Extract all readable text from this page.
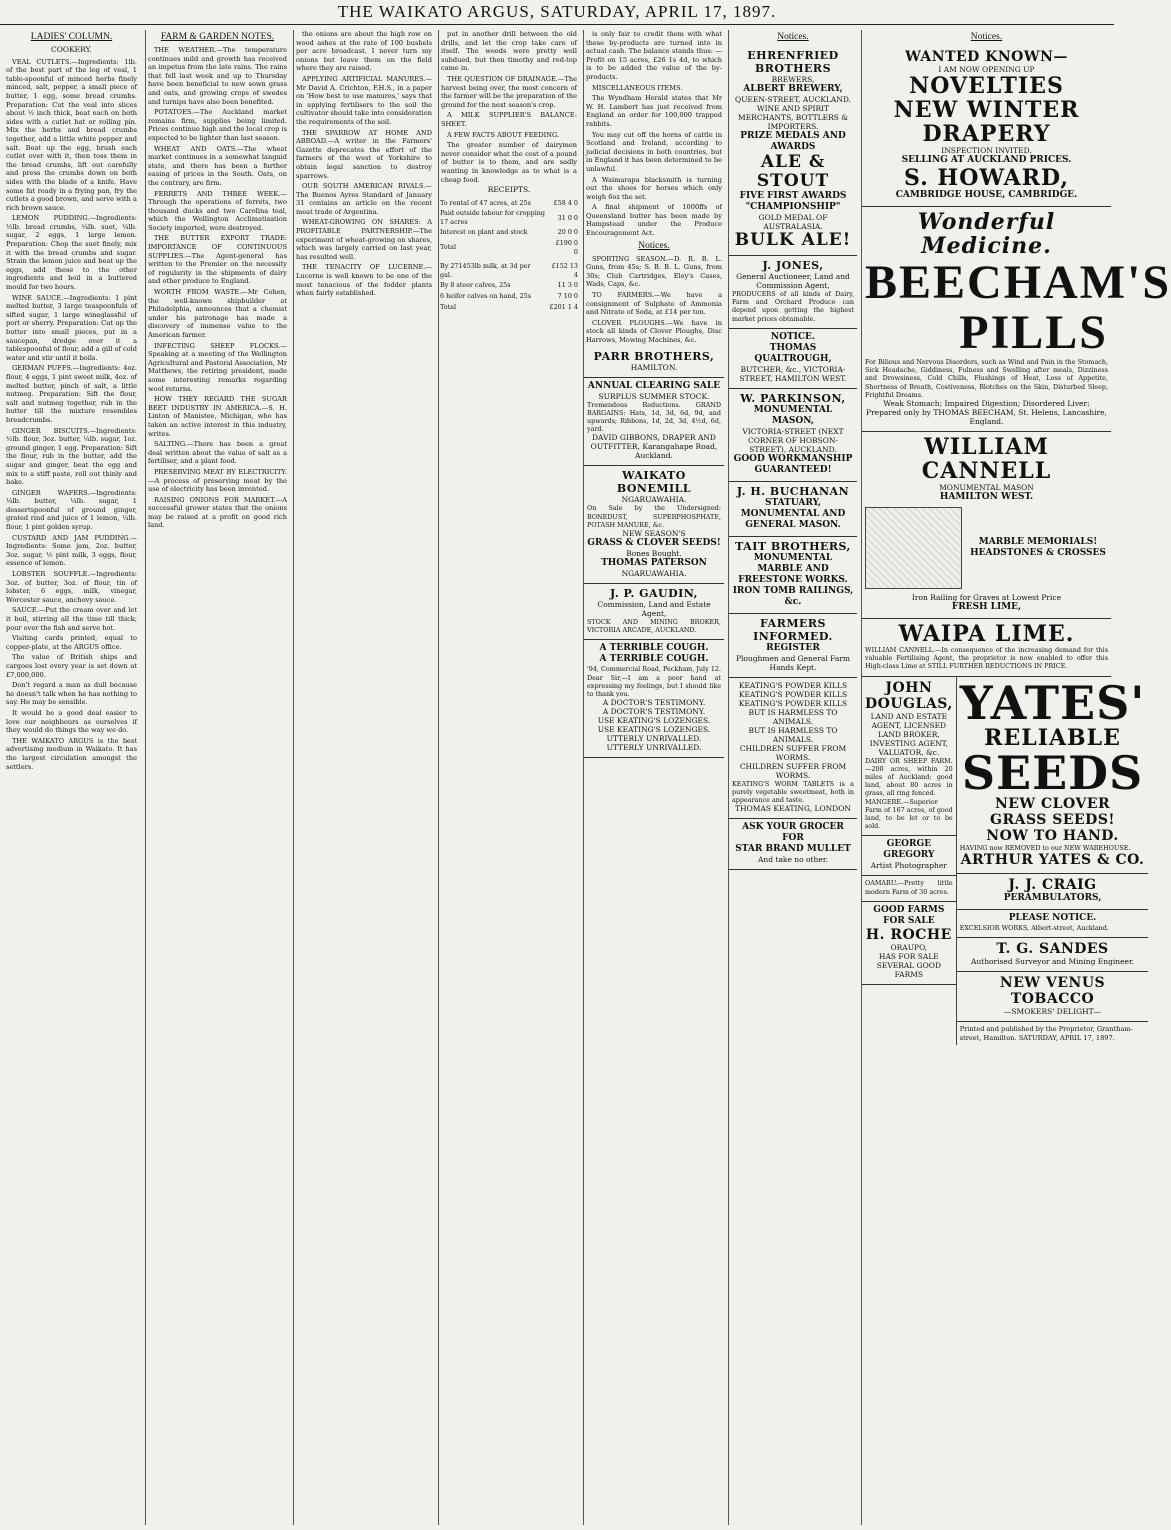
THE WAIKATO ARGUS, SATURDAY, APRIL 17, 1897.
LADIES' COLUMN.
COOKERY.

VEAL CUTLETS.—Ingredients: 1lb. of the best part of the leg of veal, 1 table-spoonful of minced herbs finely minced, salt, pepper, a small piece of butter, 1 egg, some bread crumbs. Preparation: Cut the veal into slices about ½ inch thick, beat each on both sides with a cutlet bat or rolling pin. Mix the herbs and bread crumbs together, add a little white pepper and salt. Beat up the egg, brush each cutlet over with it, then toss them in the bread crumbs, lift out carefully and press the crumbs down on both sides with the blade of a knife. Have some fat ready in a frying pan, fry the cutlets a good brown, and serve with a rich brown sauce.

LEMON PUDDING.—Ingredients: ½lb. bread crumbs, ¼lb. suet, ¼lb. sugar, 2 eggs, 1 large lemon. Preparation: Chop the suet finely, mix it with the bread crumbs and sugar. Strain the lemon juice and beat up the eggs, add these to the other ingredients and boil in a buttered mould for two hours.

WINE SAUCE.—Ingredients: 1 pint melted butter, 3 large teaspoonfuls of sifted sugar, 1 large wineglassful of port or sherry. Preparation: Cut up the butter into small pieces, put in a saucepan, dredge over it a tablespoonful of flour, add a gill of cold water and stir until it boils.

GERMAN PUFFS.—Ingredients: 4oz. flour, 4 eggs, 1 pint sweet milk, 4oz. of melted butter, pinch of salt, a little nutmeg. Preparation: Sift the flour, salt and nutmeg together, rub in the butter till the mixture resembles breadcrumbs.

GINGER BISCUITS.—Ingredients: ½lb. flour, 3oz. butter, ¼lb. sugar, 1oz. ground ginger, 1 egg. Preparation: Sift the flour, rub in the butter, add the sugar and ginger, beat the egg and mix to a stiff paste, roll out thinly and bake.

GINGER WAFERS.—Ingredients: ¼lb. butter, ¼lb. sugar, 1 dessertspoonful of ground ginger, grated rind and juice of 1 lemon, ¼lb. flour, 1 pint golden syrup.

CUSTARD AND JAM PUDDING.—Ingredients: Some jam, 2oz. butter, 3oz. sugar, ½ pint milk, 3 eggs, flour, essence of lemon.

LOBSTER SOUFFLE.—Ingredients: 3oz. of butter, 3oz. of flour, tin of lobster, 6 eggs, milk, vinegar, Worcester sauce, anchovy sauce.

SAUCE.—Put the cream over and let it boil, stirring all the time till thick; pour over the fish and serve hot.

Visiting cards printed, equal to copper-plate, at the ARGUS office.

The value of British ships and cargoes lost every year is set down at £7,000,000.

Don't regard a man as dull because he doesn't talk when he has nothing to say. He may be sensible.

It would be a good deal easier to love our neighbours as ourselves if they would do things the way we do.

THE WAIKATO ARGUS is the best advertising medium in Waikato. It has the largest circulation amongst the settlers.

FARM & GARDEN NOTES.

THE WEATHER.—The temperature continues mild and growth has received an impetus from the late rains. The rains that fell last week and up to Thursday have been beneficial to new sown grass and oats, and growing crops of swedes and turnips have also been benefited.

POTATOES.—The Auckland market remains firm, supplies being limited. Prices continue high and the local crop is expected to be lighter than last season.

WHEAT AND OATS.—The wheat market continues in a somewhat languid state, and there has been a further easing of prices in the South. Oats, on the contrary, are firm.

FERRETS AND THREE WEEK.—Through the operations of ferrets, two thousand ducks and two Carolina teal, which the Wellington Acclimatisation Society imported, were destroyed.

THE BUTTER EXPORT TRADE: IMPORTANCE OF CONTINUOUS SUPPLIES.—The Agent-general has written to the Premier on the necessity of regularity in the shipments of dairy and other produce to England.

WORTH FROM WASTE.—Mr Cohen, the well-known shipbuilder at Philadelphia, announces that a chemist under his patronage has made a discovery of immense value to the American farmer.

INFECTING SHEEP FLOCKS.—Speaking at a meeting of the Wellington Agricultural and Pastoral Association, Mr Matthews, the retiring president, made some interesting remarks regarding wool returns.

HOW THEY REGARD THE SUGAR BEET INDUSTRY IN AMERICA.—S. H. Linton of Manistee, Michigan, who has taken an active interest in this industry, writes.

SALTING.—There has been a great deal written about the value of salt as a fertiliser, and a plant food.

PRESERVING MEAT BY ELECTRICITY.—A process of preserving meat by the use of electricity has been invented.

RAISING ONIONS FOR MARKET.—A successful grower states that the onions may be raised at a profit on good rich land.

the onions are about the high row on wood ashes at the rate of 100 bushels per acre broadcast. I never turn my onions but leave them on the field where they are raised.

APPLYING ARTIFICIAL MANURES.—Mr David A. Crichton, F.H.S., in a paper on 'How best to use manures,' says that in applying fertilisers to the soil the cultivator should take into consideration the requirements of the soil.

THE SPARROW AT HOME AND ABROAD.—A writer in the Farmers' Gazette deprecates the effort of the farmers of the west of Yorkshire to obtain legal sanction to destroy sparrows.

OUR SOUTH AMERICAN RIVALS.—The Buenos Ayres Standard of January 31 contains an article on the recent meat trade of Argentina.

WHEAT-GROWING ON SHARES: A PROFITABLE PARTNERSHIP.—The experiment of wheat-growing on shares, which was largely carried on last year, has resulted well.

THE TENACITY OF LUCERNE.—Lucerne is well known to be one of the most tenacious of the fodder plants when fairly established.

put in another drill between the old drills, and let the crop take care of itself. The weeds were pretty well subdued, but then timothy and red-top came in.

THE QUESTION OF DRAINAGE.—The harvest being over, the most concern of the farmer will be the preparation of the ground for the next season's crop.

A MILK SUPPLIER'S BALANCE-SHEET.

A FEW FACTS ABOUT FEEDING.

The greater number of dairymen never consider what the cost of a pound of butter is to them, and are sadly wanting in knowledge as to what is a cheap food.

RECEIPTS.
To rental of 47 acres, at 25s	£58 4 0
Paid outside labour for cropping 17 acres	31 0 0
Interest on plant and stock	20 0 0
Total	£190 0 0
By 271453lb milk, at 3d per gal.	£152 13 4
By 8 steer calves, 25s	11 3 0
6 heifer calves on hand, 25s	7 10 0
Total	£201 1 4

is only fair to credit them with what these by-products are turned into in actual cash. The balance stands thus: —Profit on 15 acres, £26 1s 4d, to which is to be added the value of the by-products.

MISCELLANEOUS ITEMS.

The Wyndham Herald states that Mr W. H. Lambert has just received from England an order for 100,000 trapped rabbits.

You may cut off the horns of cattle in Scotland and Ireland, according to judicial decisions in both countries, but in England it has been determined to be unlawful.

A Waimarapa blacksmith is turning out the shoes for horses which only weigh 6oz the set.

A final shipment of 1000ffs of Queensland butter has been made by Hampstead under the Produce Encouragement Act.

Notices.

SPORTING SEASON.—D. R. B. L. Guns, from 45s; S. B. B. L. Guns, from 30s; Club Cartridges, Eley's Cases, Wads, Caps, &c.

TO FARMERS.—We have a consignment of Sulphate of Ammonia and Nitrate of Soda, at £14 per ton.

CLOVER PLOUGHS.—We have in stock all kinds of Clover Ploughs, Disc Harrows, Mowing Machines, &c.

PARR BROTHERS,
HAMILTON.
ANNUAL CLEARING SALE
SURPLUS SUMMER STOCK.
Tremendous Reductions. GRAND BARGAINS: Hats, 1d, 3d, 6d, 9d, and upwards; Ribbons, 1d, 2d, 3d, 4½d, 6d, yard.
DAVID GIBBONS, DRAPER AND OUTFITTER, Karangahape Road, Auckland.
WAIKATO BONEMILL
NGARUAWAHIA.
On Sale by the Undersigned: BONEDUST, SUPERPHOSPHATE, POTASH MANURE, &c.
NEW SEASON'S
GRASS & CLOVER SEEDS!
Bones Bought.
THOMAS PATERSON
NGARUAWAHIA.
J. P. GAUDIN,
Commission, Land and Estate Agent,
STOCK AND MINING BROKER, VICTORIA ARCADE, AUCKLAND.
A TERRIBLE COUGH.
A TERRIBLE COUGH.
'94, Commercial Road, Peckham, July 12. Dear Sir,—I am a poor hand at expressing my feelings, but I should like to thank you.
A DOCTOR'S TESTIMONY.
A DOCTOR'S TESTIMONY.
USE KEATING'S LOZENGES.
USE KEATING'S LOZENGES.
UTTERLY UNRIVALLED.
UTTERLY UNRIVALLED.
Notices.
EHRENFRIED BROTHERS
BREWERS,
ALBERT BREWERY,
QUEEN-STREET, AUCKLAND.
WINE AND SPIRIT MERCHANTS, BOTTLERS & IMPORTERS.
PRIZE MEDALS AND AWARDS
ALE & STOUT
FIVE FIRST AWARDS
"CHAMPIONSHIP"
GOLD MEDAL OF AUSTRALASIA.
BULK ALE!
J. JONES,
General Auctioneer, Land and Commission Agent,
PRODUCERS of all kinds of Dairy, Farm and Orchard Produce can depend upon getting the highest market prices obtainable.
NOTICE.
THOMAS QUALTROUGH,
BUTCHER, &c., VICTORIA-STREET, HAMILTON WEST.
W. PARKINSON,
MONUMENTAL MASON,
VICTORIA-STREET (NEXT CORNER OF HOBSON-STREET), AUCKLAND.
GOOD WORKMANSHIP GUARANTEED!
J. H. BUCHANAN
STATUARY, MONUMENTAL AND GENERAL MASON.
TAIT BROTHERS,
MONUMENTAL MARBLE AND FREESTONE WORKS.
IRON TOMB RAILINGS, &c.
FARMERS INFORMED.
REGISTER
Ploughmen and General Farm Hands Kept.
KEATING'S POWDER KILLS
KEATING'S POWDER KILLS
KEATING'S POWDER KILLS
BUT IS HARMLESS TO ANIMALS.
BUT IS HARMLESS TO ANIMALS.
CHILDREN SUFFER FROM WORMS.
CHILDREN SUFFER FROM WORMS.
KEATING'S WORM TABLETS is a purely vegetable sweetmeat, both in appearance and taste.
THOMAS KEATING, LONDON
ASK YOUR GROCER FOR
STAR BRAND MULLET
And take no other.
Notices.
WANTED KNOWN—
I AM NOW OPENING UP
NOVELTIES
NEW WINTER DRAPERY
INSPECTION INVITED.
SELLING AT AUCKLAND PRICES.
S. HOWARD,
CAMBRIDGE HOUSE, CAMBRIDGE.
Wonderful Medicine.
BEECHAM'S
PILLS
For Bilious and Nervous Disorders, such as Wind and Pain in the Stomach, Sick Headache, Giddiness, Fulness and Swelling after meals, Dizziness and Drowsiness, Cold Chills, Flushings of Heat, Loss of Appetite, Shortness of Breath, Costiveness, Blotches on the Skin, Disturbed Sleep, Frightful Dreams.
Weak Stomach; Impaired Digestion; Disordered Liver;
Prepared only by THOMAS BEECHAM, St. Helens, Lancashire, England.
WILLIAM CANNELL
MONUMENTAL MASON
HAMILTON WEST.
MARBLE MEMORIALS!
HEADSTONES & CROSSES
Iron Railing for Graves at Lowest Price
FRESH LIME,
WAIPA LIME.
WILLIAM CANNELL.—In consequence of the increasing demand for this valuable Fertilising Agent, the proprietor is now enabled to offer this High-class Lime at STILL FURTHER REDUCTIONS IN PRICE.
JOHN DOUGLAS,
LAND AND ESTATE AGENT, LICENSED LAND BROKER, INVESTING AGENT, VALUATOR, &c.
DAIRY OR SHEEP FARM.—200 acres, within 20 miles of Auckland; good land, about 80 acres in grass, all ring fenced.
MANGERE.—Superior Farm of 167 acres, of good land, to be let or to be sold.
GEORGE GREGORY
Artist Photographer
OAMARU.—Pretty little modern Farm of 30 acres.
GOOD FARMS FOR SALE
H. ROCHE
ORAUPO,
HAS FOR SALE SEVERAL GOOD FARMS
YATES'
RELIABLE
SEEDS
NEW CLOVER
GRASS SEEDS!
NOW TO HAND.
HAVING now REMOVED to our NEW WAREHOUSE.
ARTHUR YATES & CO.
J. J. CRAIG
PERAMBULATORS,
PLEASE NOTICE.
EXCELSIOR WORKS, Albert-street, Auckland.
T. G. SANDES
Authorised Surveyor and Mining Engineer.
NEW VENUS TOBACCO
—SMOKERS' DELIGHT—
Printed and published by the Proprietor, Grantham-street, Hamilton. SATURDAY, APRIL 17, 1897.
